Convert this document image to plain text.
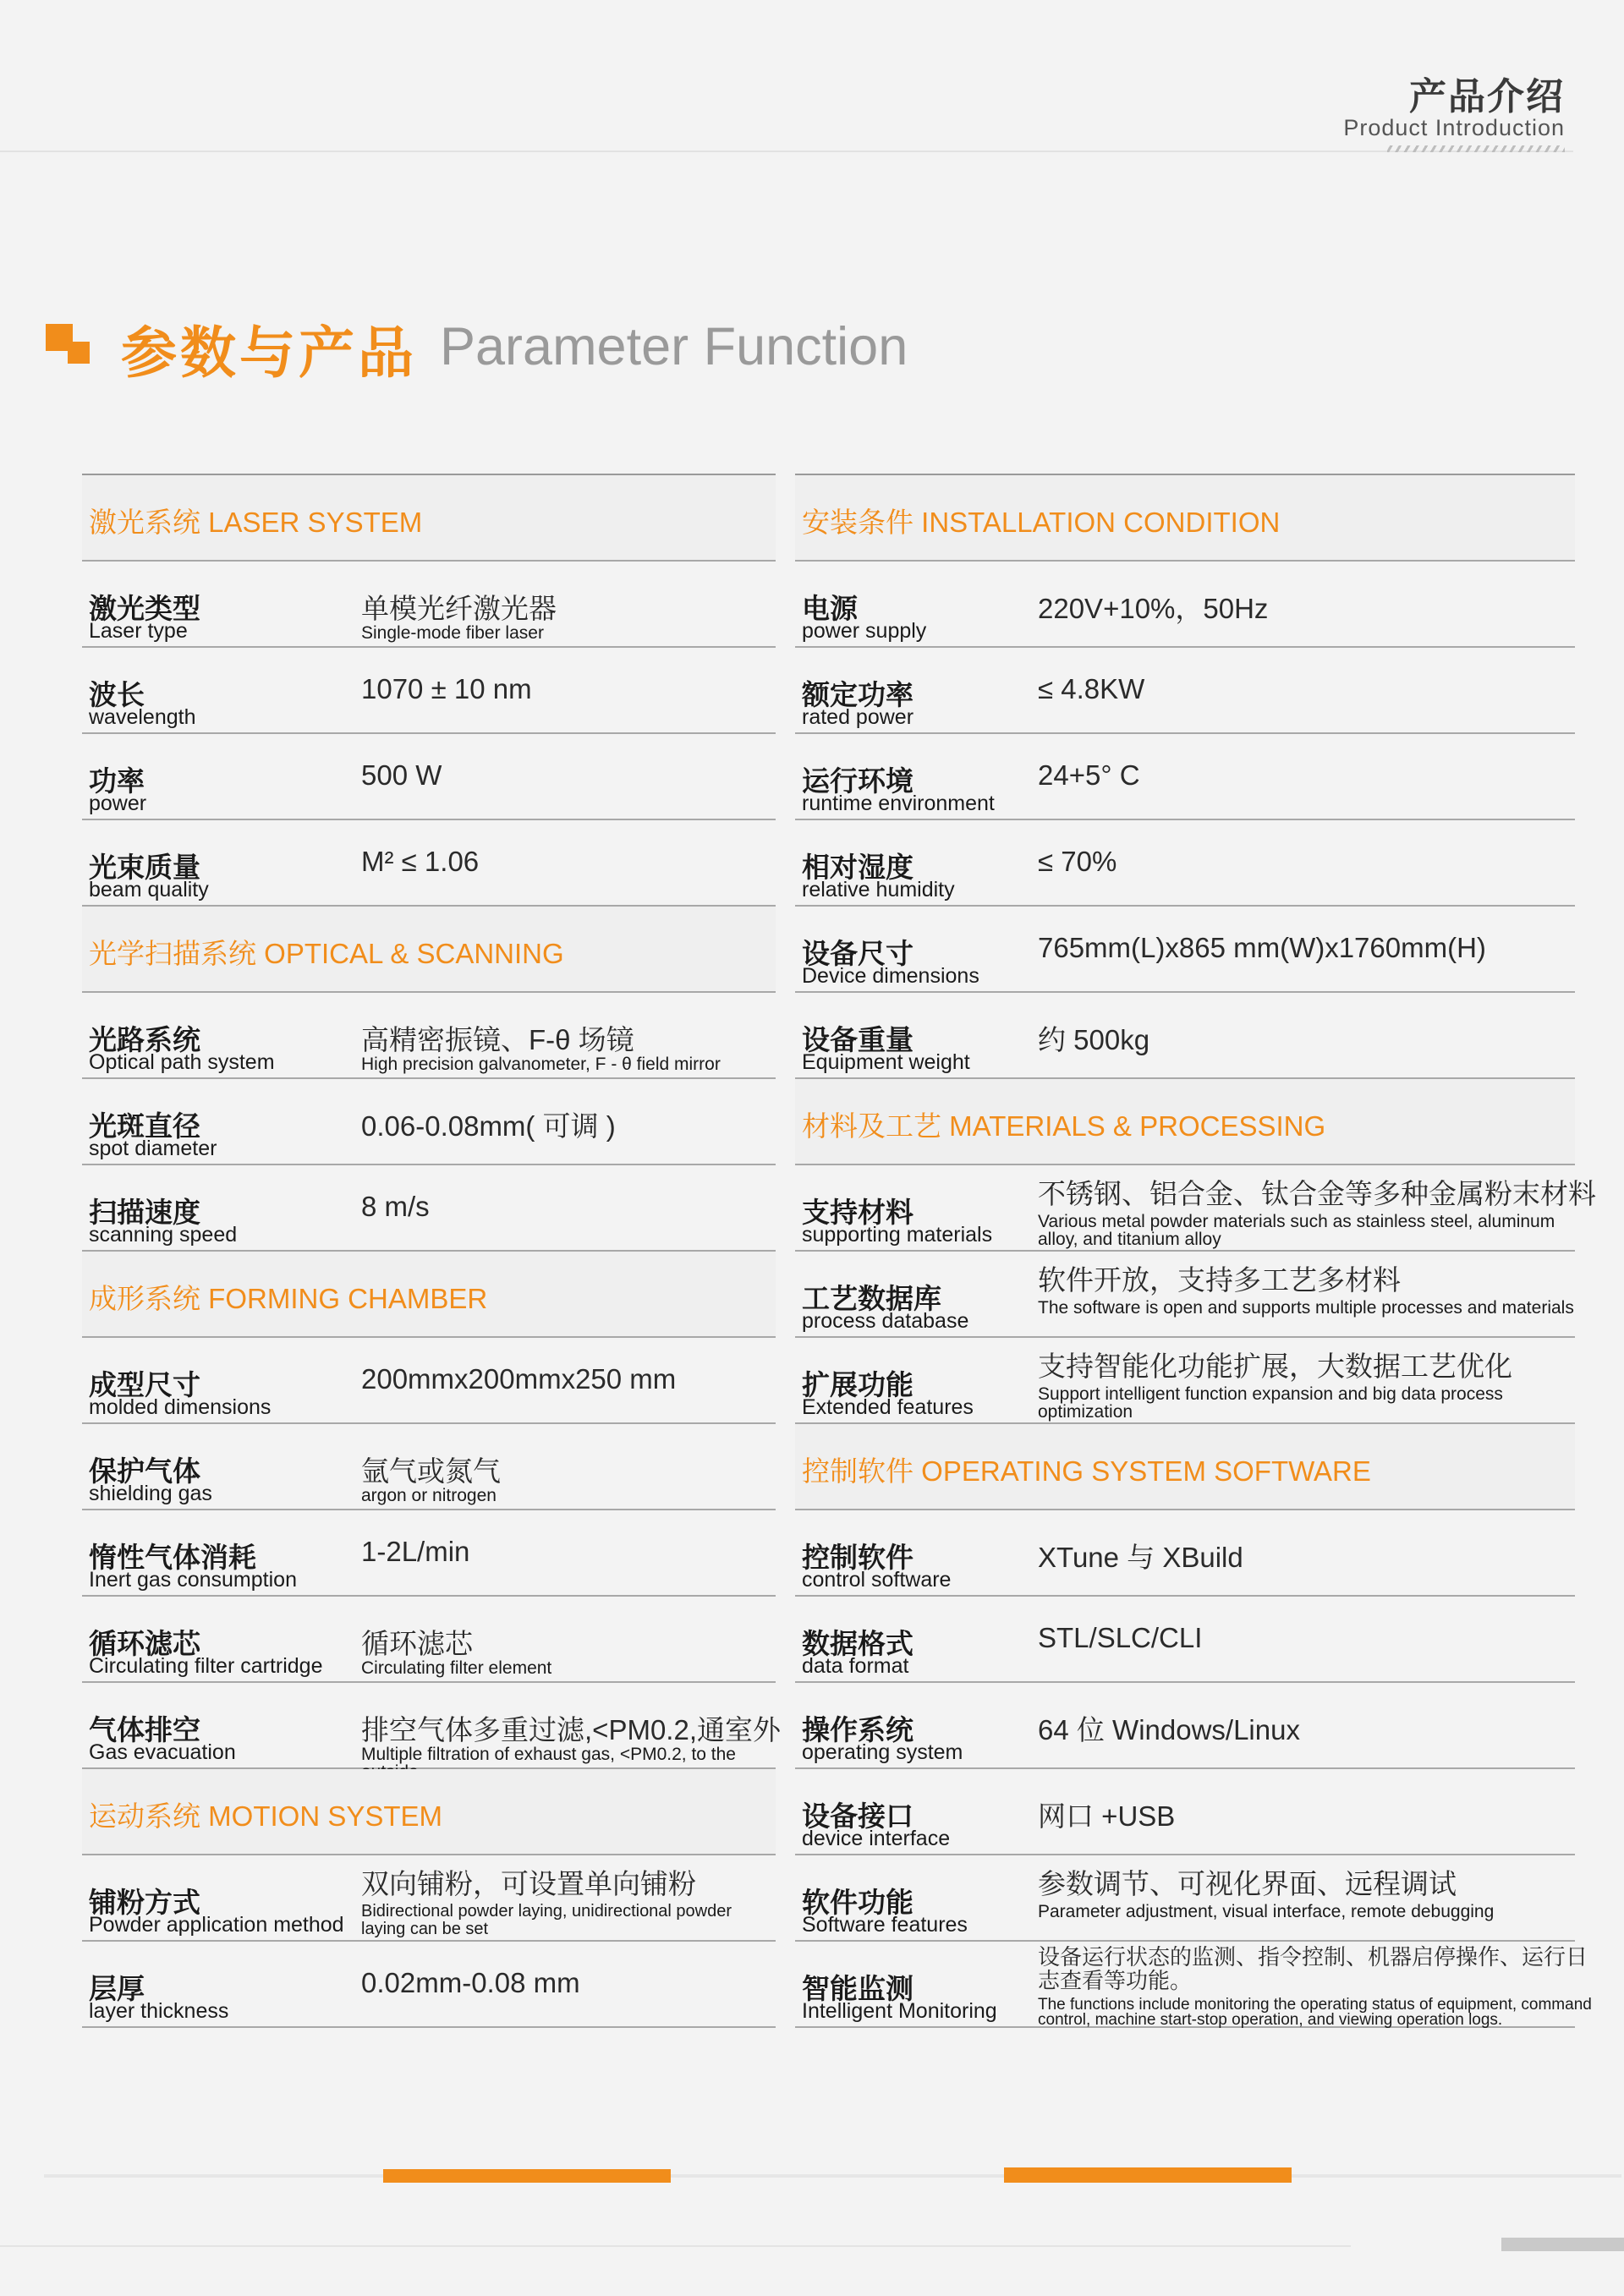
产品介绍
Product Introduction
参数与产品 Parameter Function
激光系统 LASER SYSTEM
激光类型
Laser type
单模光纤激光器
Single-mode fiber laser
波长
wavelength
1070 ± 10 nm
功率
power
500 W
光束质量
beam quality
M² ≤ 1.06
光学扫描系统 OPTICAL & SCANNING
光路系统
Optical path system
高精密振镜、F-θ 场镜
High precision galvanometer, F - θ field mirror
光斑直径
spot diameter
0.06-0.08mm( 可调 )
扫描速度
scanning speed
8 m/s
成形系统 FORMING CHAMBER
成型尺寸
molded dimensions
200mmx200mmx250 mm
保护气体
shielding gas
氩气或氮气
argon or nitrogen
惰性气体消耗
Inert gas consumption
1-2L/min
循环滤芯
Circulating filter cartridge
循环滤芯
Circulating filter element
气体排空
Gas evacuation
排空气体多重过滤,<PM0.2,通室外
Multiple filtration of exhaust gas, <PM0.2, to the
运动系统 MOTION SYSTEM
铺粉方式
Powder application method
双向铺粉，可设置单向铺粉
Bidirectional powder laying, unidirectional powder laying can be set
层厚
layer thickness
0.02mm-0.08 mm
安装条件 INSTALLATION CONDITION
电源
power supply
220V+10%，50Hz
额定功率
rated power
≤ 4.8KW
运行环境
runtime environment
24+5° C
相对湿度
relative humidity
≤ 70%
设备尺寸
Device dimensions
765mm(L)x865 mm(W)x1760mm(H)
设备重量
Equipment weight
约 500kg
材料及工艺 MATERIALS & PROCESSING
支持材料
supporting materials
不锈钢、铝合金、钛合金等多种金属粉末材料
Various metal powder materials such as stainless steel, aluminum alloy, and titanium alloy
工艺数据库
process database
软件开放，支持多工艺多材料
The software is open and supports multiple processes and materials
扩展功能
Extended features
支持智能化功能扩展，大数据工艺优化
Support intelligent function expansion and big data process optimization
控制软件 OPERATING SYSTEM SOFTWARE
控制软件
control software
XTune 与 XBuild
数据格式
data format
STL/SLC/CLI
操作系统
operating system
64 位 Windows/Linux
设备接口
device interface
网口 +USB
软件功能
Software features
参数调节、可视化界面、远程调试
Parameter adjustment, visual interface, remote debugging
智能监测
Intelligent Monitoring
设备运行状态的监测、指令控制、机器启停操作、运行日志查看等功能。
The functions include monitoring the operating status of equipment, command control, machine start-stop operation, and viewing operation logs.
